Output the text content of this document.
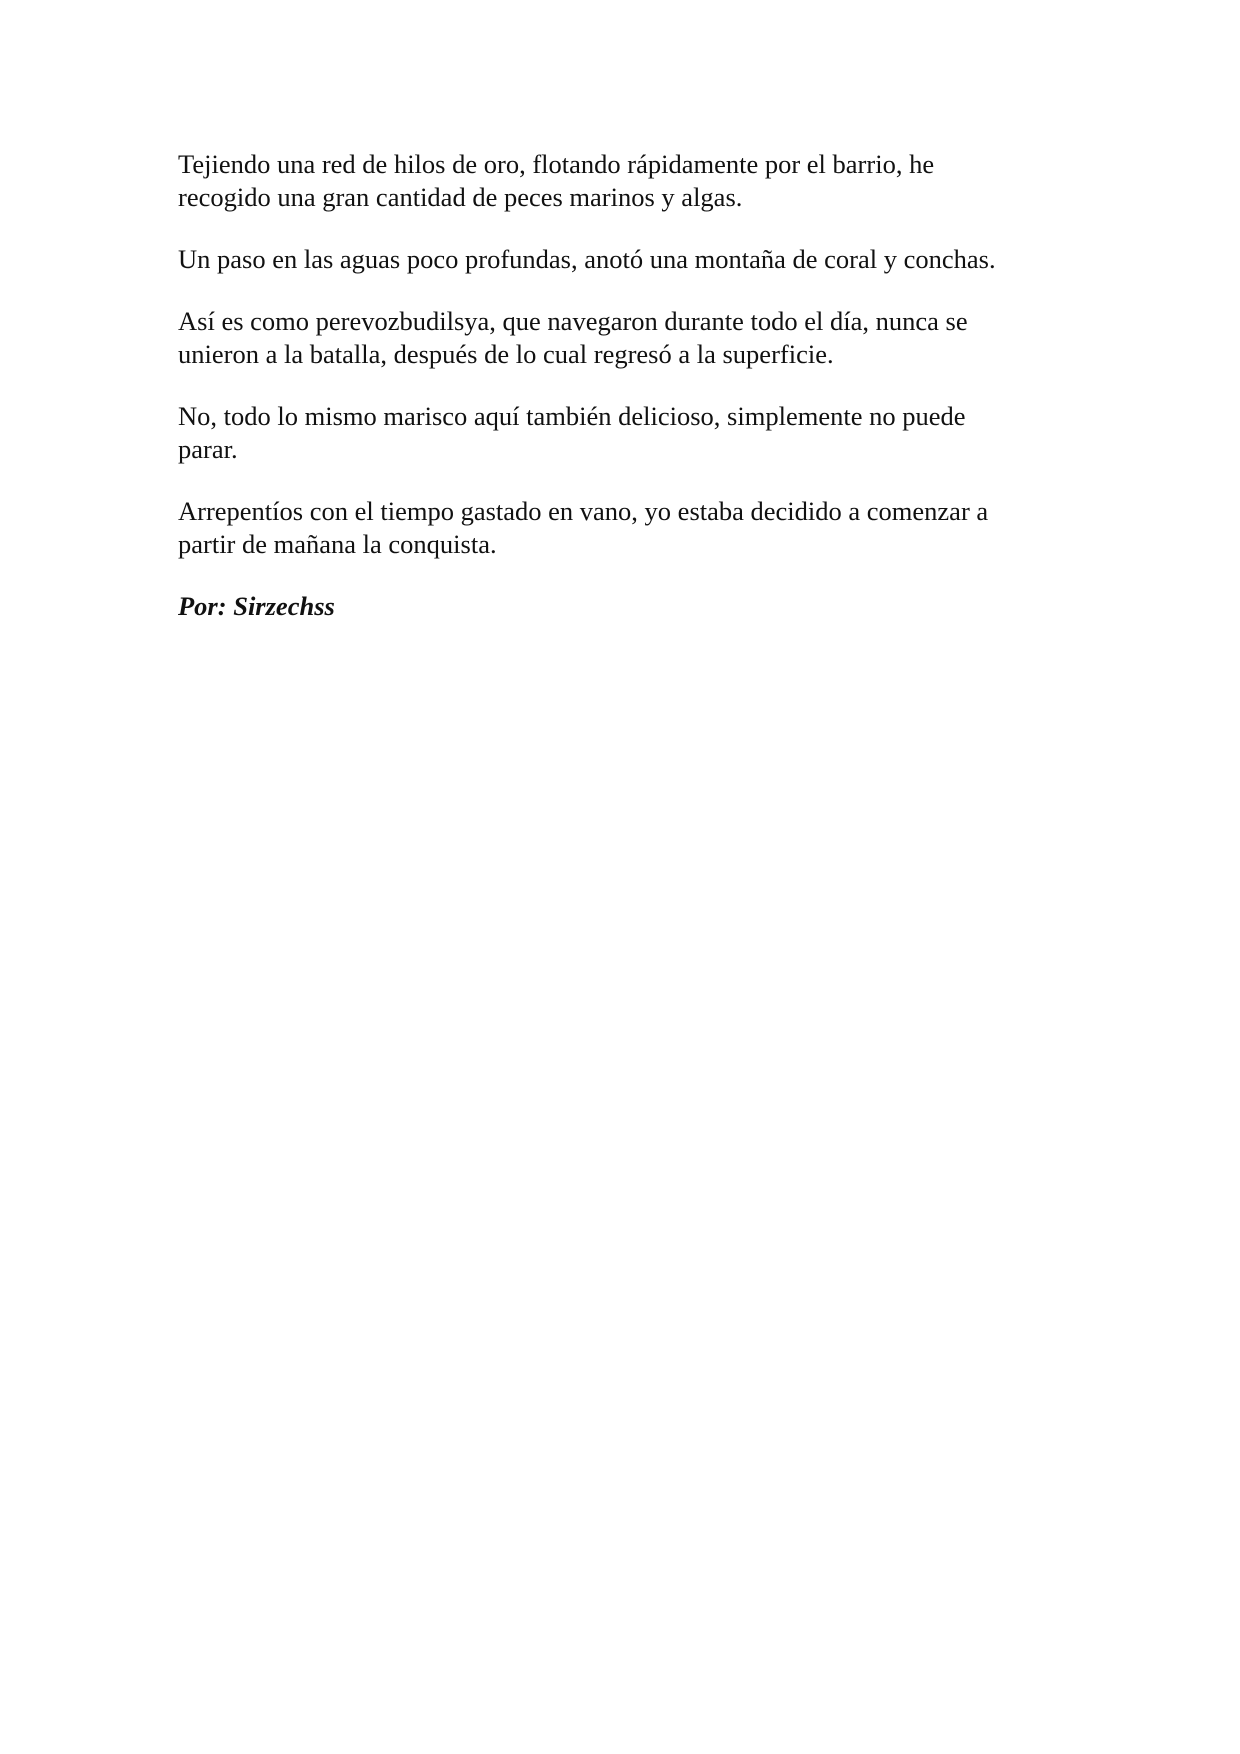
Tejiendo una red de hilos de oro, flotando rápidamente por el barrio, he
recogido una gran cantidad de peces marinos y algas.

Un paso en las aguas poco profundas, anotó una montaña de coral y conchas.

Así es como perevozbudilsya, que navegaron durante todo el día, nunca se
unieron a la batalla, después de lo cual regresó a la superficie.

No, todo lo mismo marisco aquí también delicioso, simplemente no puede
parar.

Arrepentíos con el tiempo gastado en vano, yo estaba decidido a comenzar a
partir de mañana la conquista.

Por: Sirzechss
